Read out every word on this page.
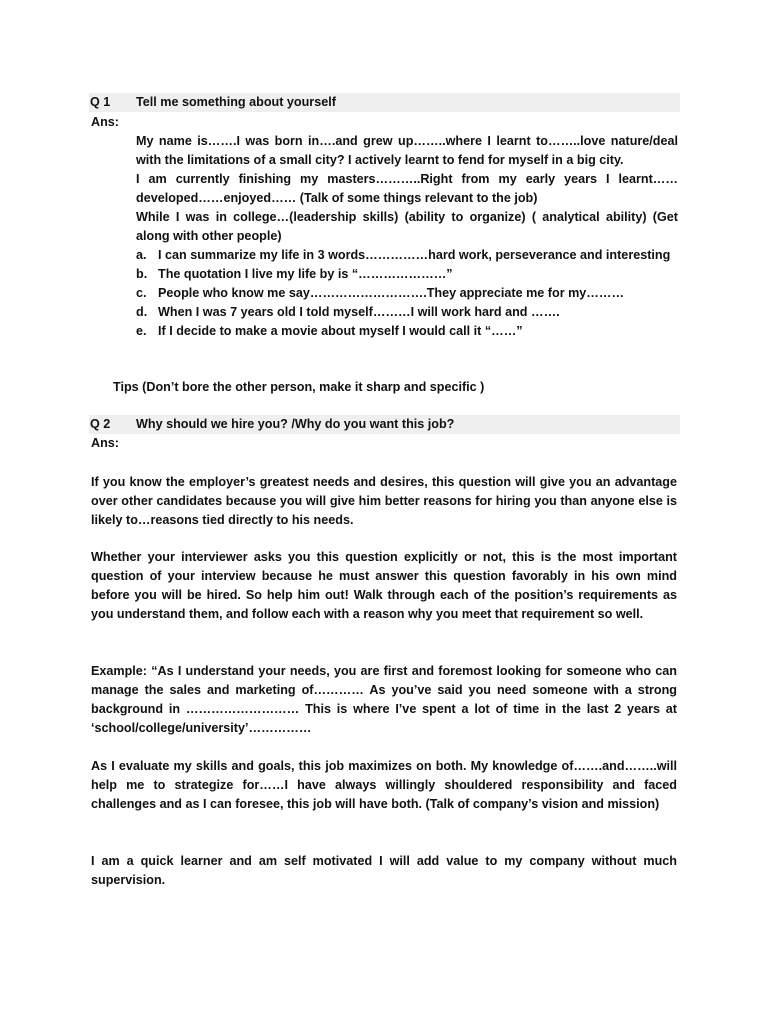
Q 1 Tell me something about yourself
Ans:
My name is…….I was born in….and grew up……..where I learnt to……..love nature/deal with the limitations of a small city? I actively learnt to fend for myself in a big city.
I am currently finishing my masters………..Right from my early years I learnt……developed……enjoyed…… (Talk of some things relevant to the job)
While I was in college…(leadership skills) (ability to organize) ( analytical ability) (Get along with other people)
a. I can summarize my life in 3 words……………hard work, perseverance and interesting
b. The quotation I live my life by is “…………………”
c. People who know me say……………………….They appreciate me for my………
d. When I was 7 years old I told myself………I will work hard and …….
e. If I decide to make a movie about myself I would call it “……”
Tips (Don’t bore the other person, make it sharp and specific )
Q 2 Why should we hire you? /Why do you want this job?
Ans:
If you know the employer’s greatest needs and desires, this question will give you an advantage over other candidates because you will give him better reasons for hiring you than anyone else is likely to…reasons tied directly to his needs.
Whether your interviewer asks you this question explicitly or not, this is the most important question of your interview because he must answer this question favorably in his own mind before you will be hired. So help him out! Walk through each of the position’s requirements as you understand them, and follow each with a reason why you meet that requirement so well.
Example: “As I understand your needs, you are first and foremost looking for someone who can manage the sales and marketing of………… As you’ve said you need someone with a strong background in ……………………… This is where I’ve spent a lot of time in the last 2 years at ‘school/college/university’……………
As I evaluate my skills and goals, this job maximizes on both. My knowledge of…….and……..will help me to strategize for……I have always willingly shouldered responsibility and faced challenges and as I can foresee, this job will have both. (Talk of company’s vision and mission)
I am a quick learner and am self motivated I will add value to my company without much supervision.
